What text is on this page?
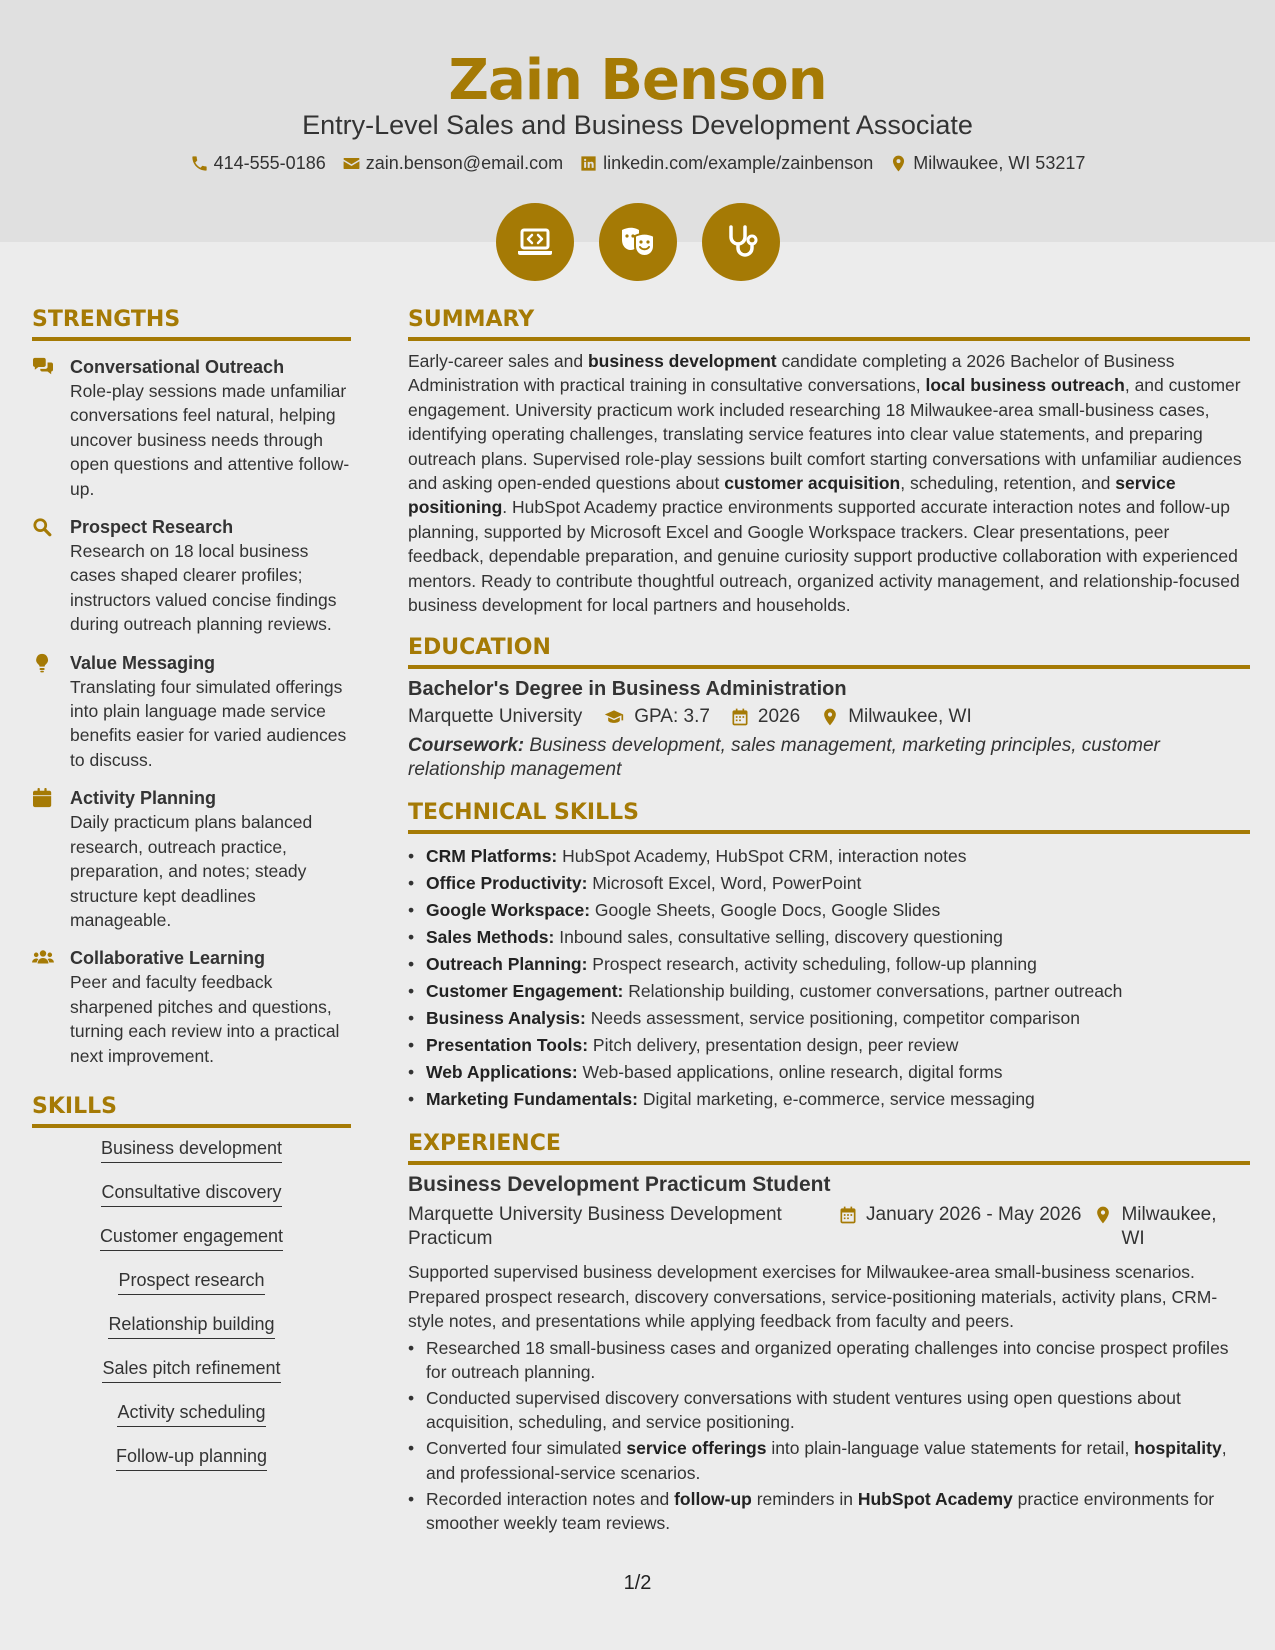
Zain Benson
Entry-Level Sales and Business Development Associate
414-555-0186 zain.benson@email.com linkedin.com/example/zainbenson Milwaukee, WI 53217
STRENGTHS
Conversational Outreach
Role-play sessions made unfamiliar conversations feel natural, helping uncover business needs through open questions and attentive follow-up.
Prospect Research
Research on 18 local business cases shaped clearer profiles; instructors valued concise findings during outreach planning reviews.
Value Messaging
Translating four simulated offerings into plain language made service benefits easier for varied audiences to discuss.
Activity Planning
Daily practicum plans balanced research, outreach practice, preparation, and notes; steady structure kept deadlines manageable.
Collaborative Learning
Peer and faculty feedback sharpened pitches and questions, turning each review into a practical next improvement.
SKILLS
Business development
Consultative discovery
Customer engagement
Prospect research
Relationship building
Sales pitch refinement
Activity scheduling
Follow-up planning
SUMMARY
Early-career sales and business development candidate completing a 2026 Bachelor of Business Administration with practical training in consultative conversations, local business outreach, and customer engagement. University practicum work included researching 18 Milwaukee-area small-business cases, identifying operating challenges, translating service features into clear value statements, and preparing outreach plans. Supervised role-play sessions built comfort starting conversations with unfamiliar audiences and asking open-ended questions about customer acquisition, scheduling, retention, and service positioning. HubSpot Academy practice environments supported accurate interaction notes and follow-up planning, supported by Microsoft Excel and Google Workspace trackers. Clear presentations, peer feedback, dependable preparation, and genuine curiosity support productive collaboration with experienced mentors. Ready to contribute thoughtful outreach, organized activity management, and relationship-focused business development for local partners and households.
EDUCATION
Bachelor's Degree in Business Administration
Marquette University	GPA: 3.7	2026	Milwaukee, WI
Coursework: Business development, sales management, marketing principles, customer relationship management
TECHNICAL SKILLS
• CRM Platforms: HubSpot Academy, HubSpot CRM, interaction notes
• Office Productivity: Microsoft Excel, Word, PowerPoint
• Google Workspace: Google Sheets, Google Docs, Google Slides
• Sales Methods: Inbound sales, consultative selling, discovery questioning
• Outreach Planning: Prospect research, activity scheduling, follow-up planning
• Customer Engagement: Relationship building, customer conversations, partner outreach
• Business Analysis: Needs assessment, service positioning, competitor comparison
• Presentation Tools: Pitch delivery, presentation design, peer review
• Web Applications: Web-based applications, online research, digital forms
• Marketing Fundamentals: Digital marketing, e-commerce, service messaging
EXPERIENCE
Business Development Practicum Student
Marquette University Business Development Practicum
January 2026 - May 2026 Milwaukee, WI
Supported supervised business development exercises for Milwaukee-area small-business scenarios. Prepared prospect research, discovery conversations, service-positioning materials, activity plans, CRM-style notes, and presentations while applying feedback from faculty and peers.
• Researched 18 small-business cases and organized operating challenges into concise prospect profiles for outreach planning.
• Conducted supervised discovery conversations with student ventures using open questions about acquisition, scheduling, and service positioning.
• Converted four simulated service offerings into plain-language value statements for retail, hospitality, and professional-service scenarios.
• Recorded interaction notes and follow-up reminders in HubSpot Academy practice environments for smoother weekly team reviews.
1/2
